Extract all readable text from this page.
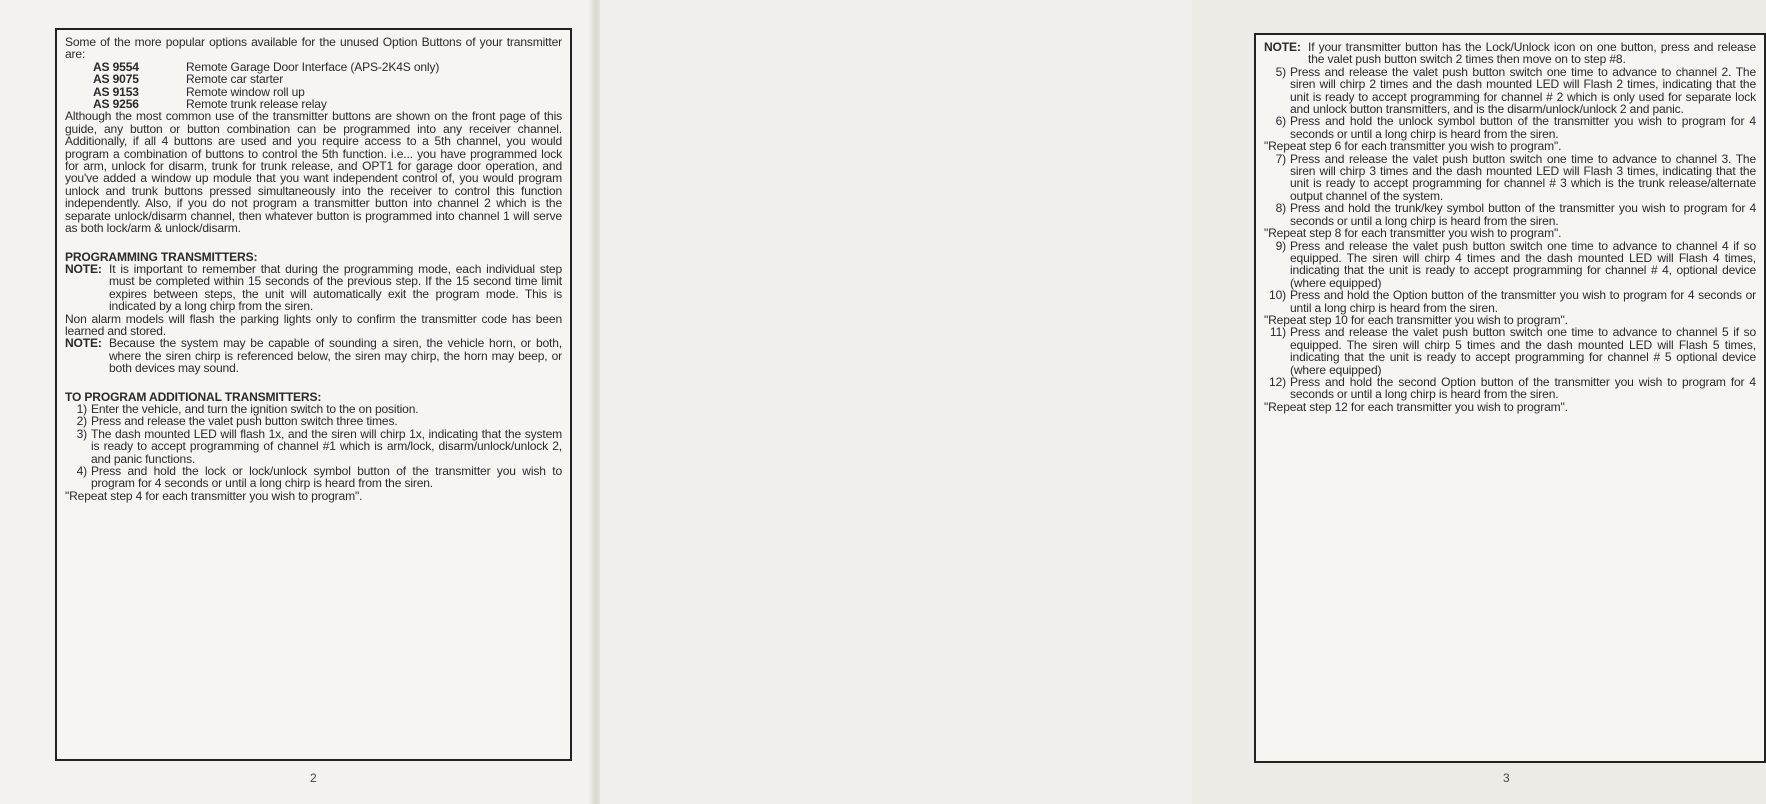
Some of the more popular options available for the unused Option Buttons of your transmitter are:

AS 9554	Remote Garage Door Interface (APS-2K4S only)
AS 9075	Remote car starter
AS 9153	Remote window roll up
AS 9256	Remote trunk release relay

Although the most common use of the transmitter buttons are shown on the front page of this guide, any button or button combination can be programmed into any receiver channel. Additionally, if all 4 buttons are used and you require access to a 5th channel, you would program a combination of buttons to control the 5th function. i.e... you have programmed lock for arm, unlock for disarm, trunk for trunk release, and OPT1 for garage door operation, and you've added a window up module that you want independent control of, you would program unlock and trunk buttons pressed simultaneously into the receiver to control this function independently. Also, if you do not program a transmitter button into channel 2 which is the separate unlock/disarm channel, then whatever button is programmed into channel 1 will serve as both lock/arm & unlock/disarm.

PROGRAMMING TRANSMITTERS:

NOTE: It is important to remember that during the programming mode, each individual step must be completed within 15 seconds of the previous step. If the 15 second time limit expires between steps, the unit will automatically exit the program mode. This is indicated by a long chirp from the siren.

Non alarm models will flash the parking lights only to confirm the transmitter code has been learned and stored.

NOTE: Because the system may be capable of sounding a siren, the vehicle horn, or both, where the siren chirp is referenced below, the siren may chirp, the horn may beep, or both devices may sound.

TO PROGRAM ADDITIONAL TRANSMITTERS:

1) Enter the vehicle, and turn the ignition switch to the on position.
2) Press and release the valet push button switch three times.
3) The dash mounted LED will flash 1x, and the siren will chirp 1x, indicating that the system is ready to accept programming of channel #1 which is arm/lock, disarm/unlock/unlock 2, and panic functions.
4) Press and hold the lock or lock/unlock symbol button of the transmitter you wish to program for 4 seconds or until a long chirp is heard from the siren.

"Repeat step 4 for each transmitter you wish to program".

2
NOTE: If your transmitter button has the Lock/Unlock icon on one button, press and release the valet push button switch 2 times then move on to step #8.
5) Press and release the valet push button switch one time to advance to channel 2. The siren will chirp 2 times and the dash mounted LED will Flash 2 times, indicating that the unit is ready to accept programming for channel # 2 which is only used for separate lock and unlock button transmitters, and is the disarm/unlock/unlock 2 and panic.
6) Press and hold the unlock symbol button of the transmitter you wish to program for 4 seconds or until a long chirp is heard from the siren.

"Repeat step 6 for each transmitter you wish to program".

7) Press and release the valet push button switch one time to advance to channel 3. The siren will chirp 3 times and the dash mounted LED will Flash 3 times, indicating that the unit is ready to accept programming for channel # 3 which is the trunk release/alternate output channel of the system.
8) Press and hold the trunk/key symbol button of the transmitter you wish to program for 4 seconds or until a long chirp is heard from the siren.

"Repeat step 8 for each transmitter you wish to program".

9) Press and release the valet push button switch one time to advance to channel 4 if so equipped. The siren will chirp 4 times and the dash mounted LED will Flash 4 times, indicating that the unit is ready to accept programming for channel # 4, optional device (where equipped)
10) Press and hold the Option button of the transmitter you wish to program for 4 seconds or until a long chirp is heard from the siren.

"Repeat step 10 for each transmitter you wish to program".

11) Press and release the valet push button switch one time to advance to channel 5 if so equipped. The siren will chirp 5 times and the dash mounted LED will Flash 5 times, indicating that the unit is ready to accept programming for channel # 5 optional device (where equipped)
12) Press and hold the second Option button of the transmitter you wish to program for 4 seconds or until a long chirp is heard from the siren.

"Repeat step 12 for each transmitter you wish to program".

3
